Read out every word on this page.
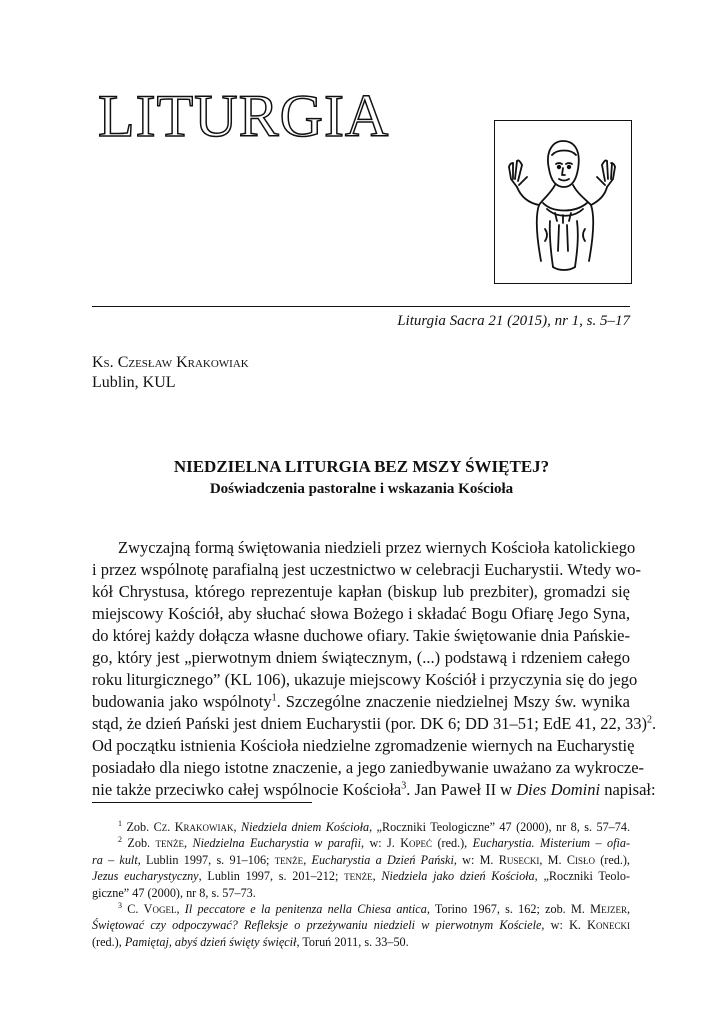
LITURGIA
Liturgia Sacra 21 (2015), nr 1, s. 5–17
Ks. Czesław Krakowiak
Lublin, KUL
NIEDZIELNA LITURGIA BEZ MSZY ŚWIĘTEJ?
Doświadczenia pastoralne i wskazania Kościoła
Zwyczajną formą świętowania niedzieli przez wiernych Kościoła katolickiego
i przez wspólnotę parafialną jest uczestnictwo w celebracji Eucharystii. Wtedy wo-
kół Chrystusa, którego reprezentuje kapłan (biskup lub prezbiter), gromadzi się
miejscowy Kościół, aby słuchać słowa Bożego i składać Bogu Ofiarę Jego Syna,
do której każdy dołącza własne duchowe ofiary. Takie świętowanie dnia Pańskie-
go, który jest „pierwotnym dniem świątecznym, (...) podstawą i rdzeniem całego
roku liturgicznego” (KL 106), ukazuje miejscowy Kościół i przyczynia się do jego
budowania jako wspólnoty$^1$. Szczególne znaczenie niedzielnej Mszy św. wynika
stąd, że dzień Pański jest dniem Eucharystii (por. DK 6; DD 31–51; EdE 41, 22, 33)$^2$.
Od początku istnienia Kościoła niedzielne zgromadzenie wiernych na Eucharystię
posiadało dla niego istotne znaczenie, a jego zaniedbywanie uważano za wykrocze-
nie także przeciwko całej wspólnocie Kościoła$^3$. Jan Paweł II w Dies Domini napisał:
$^1$ Zob. Cz. Krakowiak, Niedziela dniem Kościoła, „Roczniki Teologiczne” 47 (2000), nr 8, s. 57–74.
$^2$ Zob. tenże, Niedzielna Eucharystia w parafii, w: J. Kopeć (red.), Eucharystia. Misterium – ofia-
ra – kult, Lublin 1997, s. 91–106; tenże, Eucharystia a Dzień Pański, w: M. Rusecki, M. Cisło (red.),
Jezus eucharystyczny, Lublin 1997, s. 201–212; tenże, Niedziela jako dzień Kościoła, „Roczniki Teolo-
giczne” 47 (2000), nr 8, s. 57–73.
$^3$ C. Vogel, Il peccatore e la penitenza nella Chiesa antica, Torino 1967, s. 162; zob. M. Mejzer,
Świętować czy odpoczywać? Refleksje o przeżywaniu niedzieli w pierwotnym Kościele, w: K. Konecki
(red.), Pamiętaj, abyś dzień święty święcił, Toruń 2011, s. 33–50.
